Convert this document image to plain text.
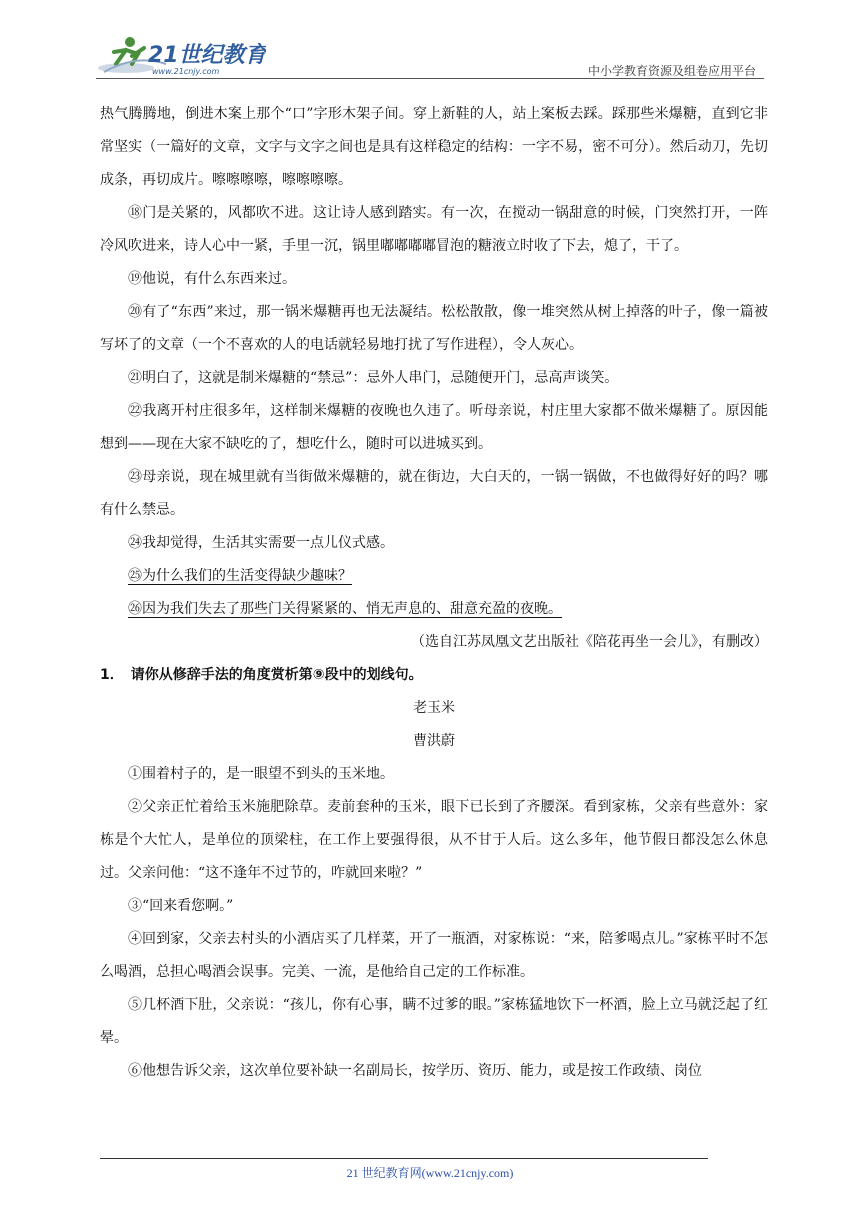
21世纪教育
www.21cnjy.com	中小学教育资源及组卷应用平台

热气腾腾地，倒进木案上那个“口”字形木架子间。穿上新鞋的人，站上案板去踩。踩那些米爆糖，直到它非常坚实（一篇好的文章，文字与文字之间也是具有这样稳定的结构：一字不易，密不可分）。然后动刀，先切成条，再切成片。嚓嚓嚓嚓，嚓嚓嚓嚓。

⑱门是关紧的，风都吹不进。这让诗人感到踏实。有一次，在搅动一锅甜意的时候，门突然打开，一阵冷风吹进来，诗人心中一紧，手里一沉，锅里嘟嘟嘟嘟冒泡的糖液立时收了下去，熄了，干了。

⑲他说，有什么东西来过。

⑳有了“东西”来过，那一锅米爆糖再也无法凝结。松松散散，像一堆突然从树上掉落的叶子，像一篇被写坏了的文章（一个不喜欢的人的电话就轻易地打扰了写作进程），令人灰心。

㉑明白了，这就是制米爆糖的“禁忌”：忌外人串门，忌随便开门，忌高声谈笑。

㉒我离开村庄很多年，这样制米爆糖的夜晚也久违了。听母亲说，村庄里大家都不做米爆糖了。原因能想到——现在大家不缺吃的了，想吃什么，随时可以进城买到。

㉓母亲说，现在城里就有当街做米爆糖的，就在街边，大白天的，一锅一锅做，不也做得好好的吗？哪有什么禁忌。

㉔我却觉得，生活其实需要一点儿仪式感。

㉕为什么我们的生活变得缺少趣味？

㉖因为我们失去了那些门关得紧紧的、悄无声息的、甜意充盈的夜晚。

（选自江苏凤凰文艺出版社《陪花再坐一会儿》，有删改）

1．　请你从修辞手法的角度赏析第⑨段中的划线句。

老玉米

曹洪蔚

①围着村子的，是一眼望不到头的玉米地。

②父亲正忙着给玉米施肥除草。麦前套种的玉米，眼下已长到了齐腰深。看到家栋，父亲有些意外：家栋是个大忙人，是单位的顶梁柱，在工作上要强得很，从不甘于人后。这么多年，他节假日都没怎么休息过。父亲问他：“这不逢年不过节的，咋就回来啦？”

③“回来看您啊。”

④回到家，父亲去村头的小酒店买了几样菜，开了一瓶酒，对家栋说：“来，陪爹喝点儿。”家栋平时不怎么喝酒，总担心喝酒会误事。完美、一流，是他给自己定的工作标准。

⑤几杯酒下肚，父亲说：“孩儿，你有心事，瞒不过爹的眼。”家栋猛地饮下一杯酒，脸上立马就泛起了红晕。

⑥他想告诉父亲，这次单位要补缺一名副局长，按学历、资历、能力，或是按工作政绩、岗位

21 世纪教育网(www.21cnjy.com)
